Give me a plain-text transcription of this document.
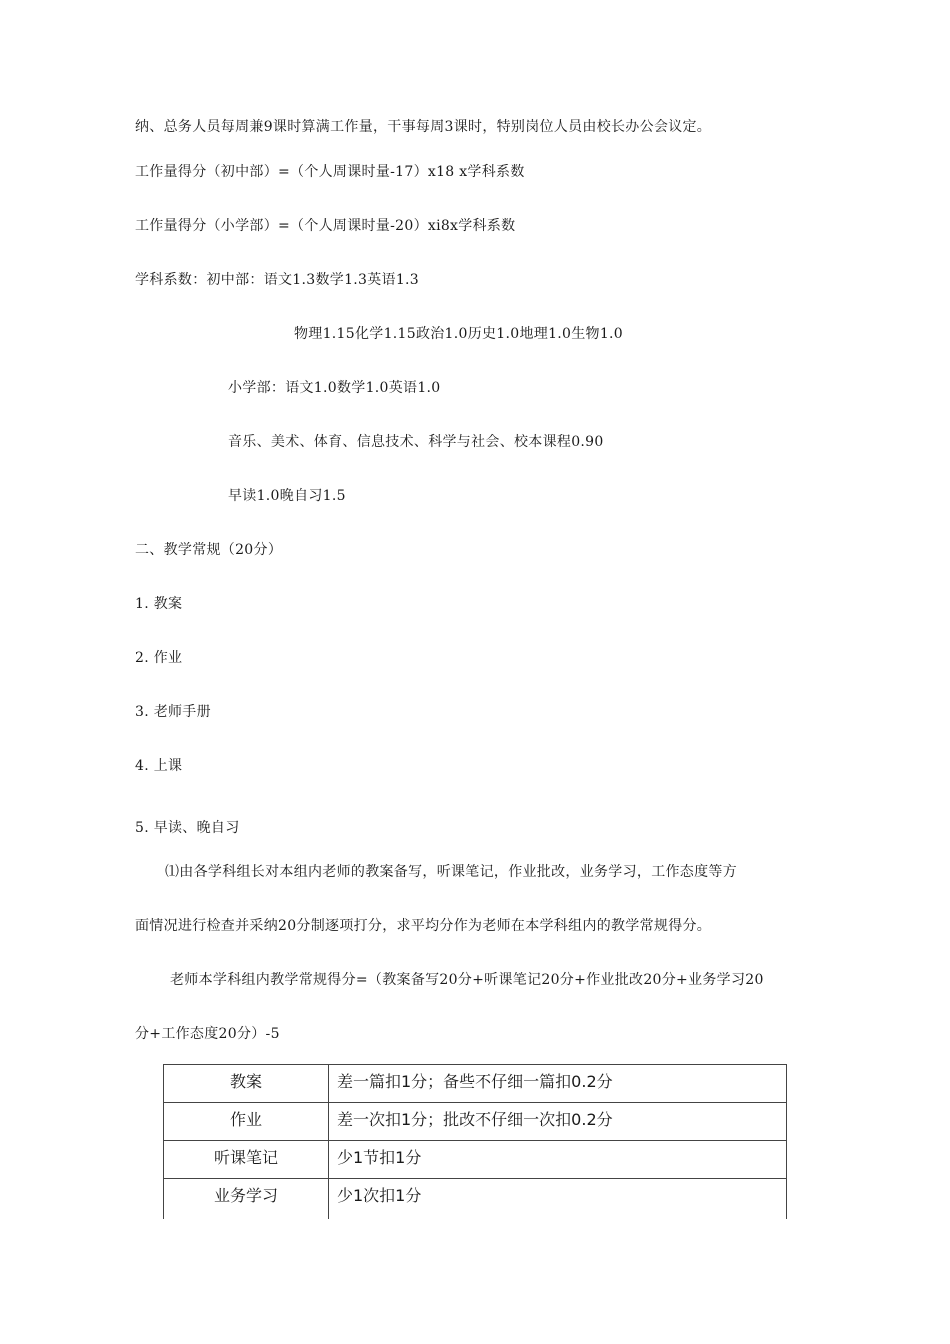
纳、总务人员每周兼9课时算满工作量，干事每周3课时，特别岗位人员由校长办公会议定。
工作量得分（初中部）=（个人周课时量-17）x18 x学科系数
工作量得分（小学部）=（个人周课时量-20）xi8x学科系数
学科系数：初中部：语文1.3数学1.3英语1.3
物理1.15化学1.15政治1.0历史1.0地理1.0生物1.0
小学部：语文1.0数学1.0英语1.0
音乐、美术、体育、信息技术、科学与社会、校本课程0.90
早读1.0晚自习1.5
二、教学常规（20分）
1. 教案
2. 作业
3. 老师手册
4. 上课
5. 早读、晚自习
⑴由各学科组长对本组内老师的教案备写，听课笔记，作业批改，业务学习，工作态度等方
面情况进行检查并采纳20分制逐项打分，求平均分作为老师在本学科组内的教学常规得分。
老师本学科组内教学常规得分=（教案备写20分+听课笔记20分+作业批改20分+业务学习20
分+工作态度20分）-5
教案	差一篇扣1分；备些不仔细一篇扣0.2分
作业	差一次扣1分；批改不仔细一次扣0.2分
听课笔记	少1节扣1分
业务学习	少1次扣1分
